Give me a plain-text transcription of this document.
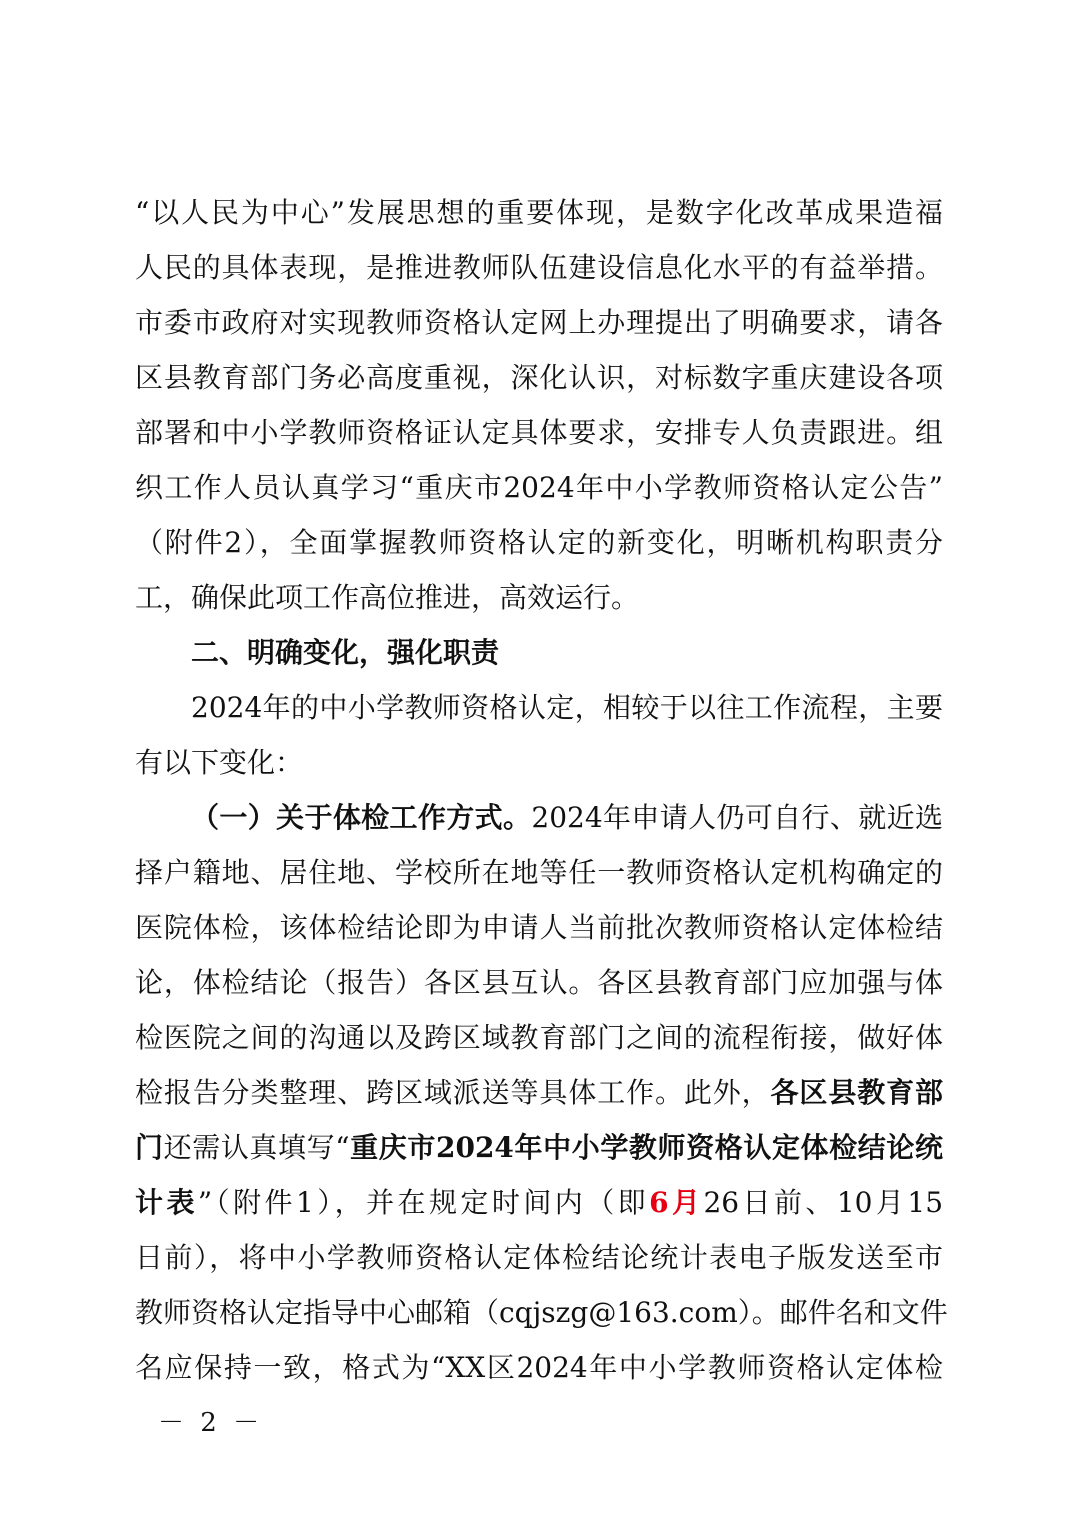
“以人民为中心”发展思想的重要体现，是数字化改革成果造福
人民的具体表现，是推进教师队伍建设信息化水平的有益举措。
市委市政府对实现教师资格认定网上办理提出了明确要求，请各
区县教育部门务必高度重视，深化认识，对标数字重庆建设各项
部署和中小学教师资格证认定具体要求，安排专人负责跟进。组
织工作人员认真学习“重庆市2024年中小学教师资格认定公告”
（附件2），全面掌握教师资格认定的新变化，明晰机构职责分
工，确保此项工作高位推进，高效运行。
二、明确变化，强化职责
2024年的中小学教师资格认定，相较于以往工作流程，主要
有以下变化：
（一）关于体检工作方式。2024年申请人仍可自行、就近选
择户籍地、居住地、学校所在地等任一教师资格认定机构确定的
医院体检，该体检结论即为申请人当前批次教师资格认定体检结
论，体检结论（报告）各区县互认。各区县教育部门应加强与体
检医院之间的沟通以及跨区域教育部门之间的流程衔接，做好体
检报告分类整理、跨区域派送等具体工作。此外，各区县教育部
门还需认真填写“重庆市2024年中小学教师资格认定体检结论统
计表”（附件1），并在规定时间内（即6月26日前、10月15
日前），将中小学教师资格认定体检结论统计表电子版发送至市
教师资格认定指导中心邮箱（cqjszg@163.com）。邮件名和文件
名应保持一致，格式为“XX区2024年中小学教师资格认定体检
－ 2 －
